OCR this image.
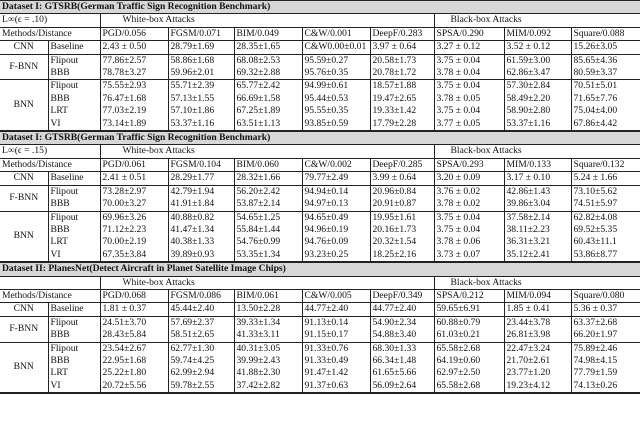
Dataset I: GTSRB(German Traffic Sign Recognition Benchmark)									
L∞(ϵ = .10)		White-box Attacks					Black-box Attacks		
Methods/Distance		PGD/0.056	FGSM/0.071	BIM/0.049	C&W/0.001	DeepF/0.283	SPSA/0.290	MIM/0.092	Square/0.088
CNN	Baseline	2.43 ± 0.50	28.79±1.69	28.35±1.65	C&W0.00±0.01	3.97 ± 0.64	3.27 ± 0.12	3.52 ± 0.12	15.26±3.05
F-BNN	Flipout	77.86±2.57	58.86±1.68	68.08±2.53	95.59±0.27	20.58±1.73	3.75 ± 0.04	61.59±3.00	85.65±4.36
	BBB	78.78±3.27	59.96±2.01	69.32±2.88	95.76±0.35	20.78±1.72	3.78 ± 0.04	62.86±3.47	80.59±3.37
BNN	Flipout	75.55±2.93	55.71±2.39	65.77±2.42	94.99±0.61	18.57±1.88	3.75 ± 0.04	57.30±2.84	70.51±5.01
	BBB	76.47±1.68	57.13±1.55	66.69±1.58	95.44±0.53	19.47±2.65	3.78 ± 0.05	58.49±2.20	71.65±7.76
	LRT	77.03±2.19	57.10±1.86	67.25±1.89	95.55±0.35	19.33±1.42	3.75 ± 0.04	58.90±2.80	75.04±4.00
	VI	73.14±1.89	53.37±1.16	63.51±1.13	93.85±0.59	17.79±2.28	3.77 ± 0.05	53.37±1.16	67.86±4.42
Dataset I: GTSRB(German Traffic Sign Recognition Benchmark)									
L∞(ϵ = .15)		White-box Attacks					Black-box Attacks		
Methods/Distance		PGD/0.061	FGSM/0.104	BIM/0.060	C&W/0.002	DeepF/0.285	SPSA/0.293	MIM/0.133	Square/0.132
CNN	Baseline	2.41 ± 0.51	28.29±1.77	28.32±1.66	79.77±2.49	3.99 ± 0.64	3.20 ± 0.09	3.17 ± 0.10	5.24 ± 1.66
F-BNN	Flipout	73.28±2.97	42.79±1.94	56.20±2.42	94.94±0.14	20.96±0.84	3.76 ± 0.02	42.86±1.43	73.10±5.62
	BBB	70.00±3.27	41.91±1.84	53.87±2.14	94.97±0.13	20.91±0.87	3.78 ± 0.02	39.86±3.04	74.51±5.97
BNN	Flipout	69.96±3.26	40.88±0.82	54.65±1.25	94.65±0.49	19.95±1.61	3.75 ± 0.04	37.58±2.14	62.82±4.08
	BBB	71.12±2.23	41.47±1.34	55.84±1.44	94.96±0.19	20.16±1.73	3.75 ± 0.04	38.11±2.23	69.52±5.35
	LRT	70.00±2.19	40.38±1.33	54.76±0.99	94.76±0.09	20.32±1.54	3.78 ± 0.06	36.31±3.21	60.43±11.1
	VI	67.35±3.84	39.89±0.93	53.35±1.34	93.23±0.25	18.25±2.16	3.73 ± 0.07	35.12±2.41	53.86±8.77
Dataset II: PlanesNet(Detect Aircraft in Planet Satellite Image Chips)									
		White-box Attacks					Black-box Attacks		
Methods/Distance		PGD/0.068	FGSM/0.086	BIM/0.061	C&W/0.005	DeepF/0.349	SPSA/0.212	MIM/0.094	Square/0.080
CNN	Baseline	1.81 ± 0.37	45.44±2.40	13.50±2.28	44.77±2.40	44.77±2.40	59.65±6.91	1.85 ± 0.41	5.36 ± 0.37
F-BNN	Flipout	24.51±3.70	57.69±2.37	39.33±1.34	91.13±0.14	54.90±2.34	60.88±0.79	23.44±3.78	63.37±2.68
	BBB	28.43±5.84	58.51±2.65	41.33±3.11	91.15±0.17	54.88±3.40	61.03±0.21	26.81±3.98	66.20±1.97
BNN	Flipout	23.54±2.67	62.77±1.30	40.31±3.05	91.33±0.76	68.30±1.33	65.58±2.68	22.47±3.24	75.89±2.46
	BBB	22.95±1.68	59.74±4.25	39.99±2.43	91.33±0.49	66.34±1.48	64.19±0.60	21.70±2.61	74.98±4.15
	LRT	25.22±1.80	62.99±2.94	41.88±2.30	91.47±1.42	61.65±5.66	62.97±2.50	23.77±1.20	77.79±1.59
	VI	20.72±5.56	59.78±2.55	37.42±2.82	91.37±0.63	56.09±2.64	65.58±2.68	19.23±4.12	74.13±0.26
